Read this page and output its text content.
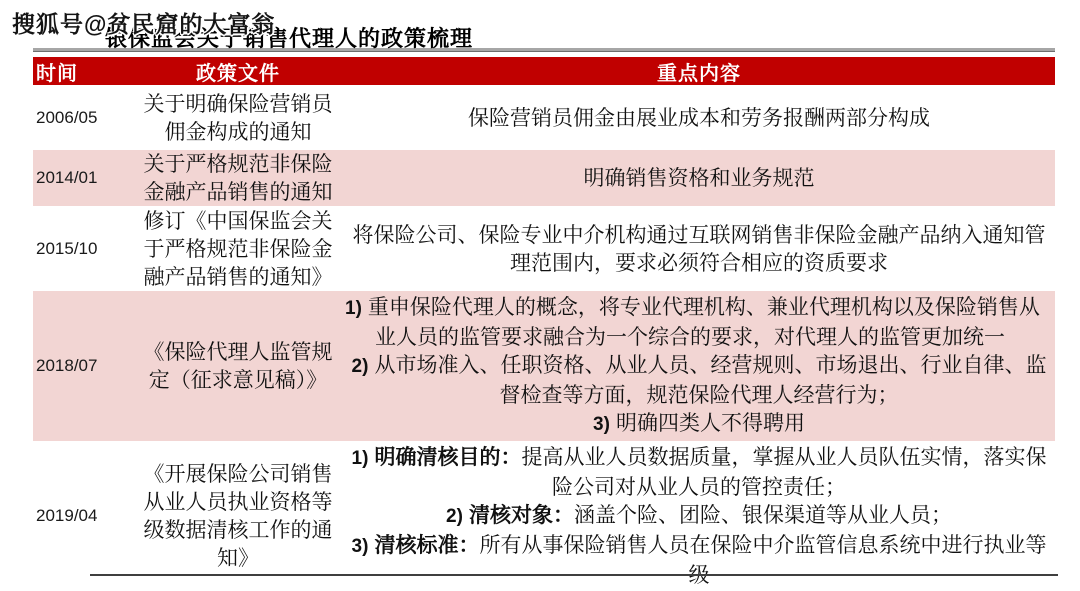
搜狐号@贫民窟的大富翁
银保监会关于销售代理人的政策梳理
时间	政策文件	重点内容
2006/05
关于明确保险营销员佣金构成的通知

保险营销员佣金由展业成本和劳务报酬两部分构成

2014/01
关于严格规范非保险金融产品销售的通知

明确销售资格和业务规范

2015/10
修订《中国保监会关于严格规范非保险金融产品销售的通知》

将保险公司、保险专业中介机构通过互联网销售非保险金融产品纳入通知管理范围内，要求必须符合相应的资质要求

2018/07
《保险代理人监管规定（征求意见稿）》

1) 重申保险代理人的概念，将专业代理机构、兼业代理机构以及保险销售从业人员的监管要求融合为一个综合的要求，对代理人的监管更加统一

2) 从市场准入、任职资格、从业人员、经营规则、市场退出、行业自律、监督检查等方面，规范保险代理人经营行为；

3) 明确四类人不得聘用

2019/04
《开展保险公司销售从业人员执业资格等级数据清核工作的通知》

1) 明确清核目的：提高从业人员数据质量，掌握从业人员队伍实情，落实保险公司对从业人员的管控责任；

2) 清核对象：涵盖个险、团险、银保渠道等从业人员；

3) 清核标准：所有从事保险销售人员在保险中介监管信息系统中进行执业等级
